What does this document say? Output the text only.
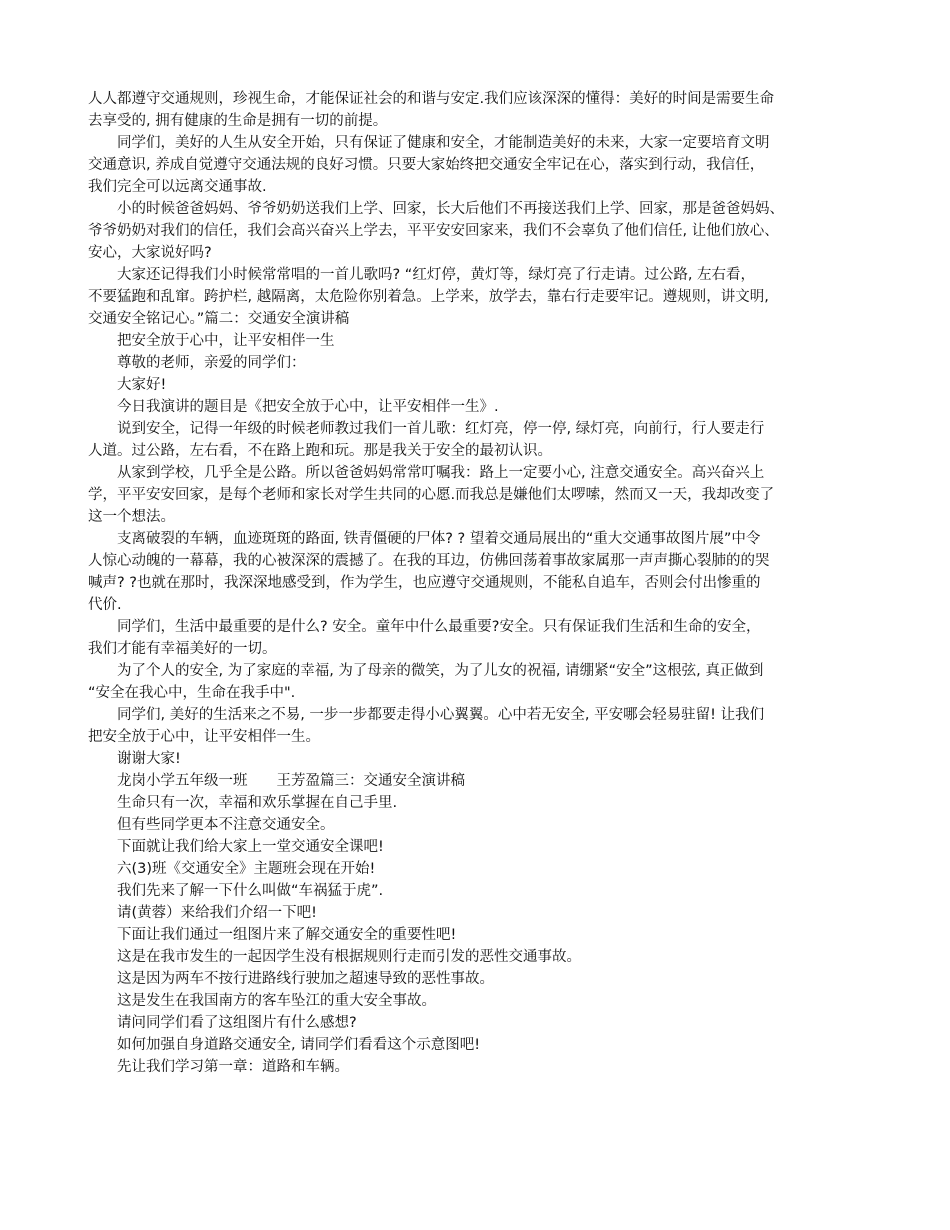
人人都遵守交通规则，珍视生命，才能保证社会的和谐与安定.我们应该深深的懂得：美好的时间是需要生命
去享受的, 拥有健康的生命是拥有一切的前提。
同学们，美好的人生从安全开始，只有保证了健康和安全，才能制造美好的未来，大家一定要培育文明
交通意识, 养成自觉遵守交通法规的良好习惯。只要大家始终把交通安全牢记在心，落实到行动，我信任，
我们完全可以远离交通事故.
小的时候爸爸妈妈、爷爷奶奶送我们上学、回家，长大后他们不再接送我们上学、回家，那是爸爸妈妈、
爷爷奶奶对我们的信任，我们会高兴奋兴上学去，平平安安回家来，我们不会辜负了他们信任, 让他们放心、
安心，大家说好吗?
大家还记得我们小时候常常唱的一首儿歌吗? “红灯停，黄灯等，绿灯亮了行走请。过公路, 左右看，
不要猛跑和乱窜。跨护栏, 越隔离，太危险你别着急。上学来，放学去，靠右行走要牢记。遵规则，讲文明,
交通安全铭记心。”篇二：交通安全演讲稿
把安全放于心中，让平安相伴一生
尊敬的老师，亲爱的同学们：
大家好!
今日我演讲的题目是《把安全放于心中，让平安相伴一生》.
说到安全，记得一年级的时候老师教过我们一首儿歌：红灯亮，停一停, 绿灯亮，向前行，行人要走行
人道。过公路，左右看，不在路上跑和玩。那是我关于安全的最初认识。
从家到学校，几乎全是公路。所以爸爸妈妈常常叮嘱我：路上一定要小心, 注意交通安全。高兴奋兴上
学，平平安安回家，是每个老师和家长对学生共同的心愿.而我总是嫌他们太啰嗦，然而又一天，我却改变了
这一个想法。
支离破裂的车辆，血迹斑斑的路面, 铁青僵硬的尸体? ? 望着交通局展出的“重大交通事故图片展”中令
人惊心动魄的一幕幕，我的心被深深的震撼了。在我的耳边，仿佛回荡着事故家属那一声声撕心裂肺的的哭
喊声? ?也就在那时，我深深地感受到，作为学生，也应遵守交通规则，不能私自追车，否则会付出惨重的
代价.
同学们，生活中最重要的是什么? 安全。童年中什么最重要?安全。只有保证我们生活和生命的安全，
我们才能有幸福美好的一切。
为了个人的安全, 为了家庭的幸福, 为了母亲的微笑，为了儿女的祝福, 请绷紧“安全”这根弦, 真正做到
“安全在我心中，生命在我手中".
同学们, 美好的生活来之不易, 一步一步都要走得小心翼翼。心中若无安全, 平安哪会轻易驻留! 让我们
把安全放于心中，让平安相伴一生。
谢谢大家!
龙岗小学五年级一班　　王芳盈篇三：交通安全演讲稿
生命只有一次，幸福和欢乐掌握在自己手里.
但有些同学更本不注意交通安全。
下面就让我们给大家上一堂交通安全课吧!
六(3)班《交通安全》主题班会现在开始!
我们先来了解一下什么叫做“车祸猛于虎”.
请(黄蓉）来给我们介绍一下吧!
下面让我们通过一组图片来了解交通安全的重要性吧!
这是在我市发生的一起因学生没有根据规则行走而引发的恶性交通事故。
这是因为两车不按行进路线行驶加之超速导致的恶性事故。
这是发生在我国南方的客车坠江的重大安全事故。
请问同学们看了这组图片有什么感想?
如何加强自身道路交通安全, 请同学们看看这个示意图吧!
先让我们学习第一章：道路和车辆。
